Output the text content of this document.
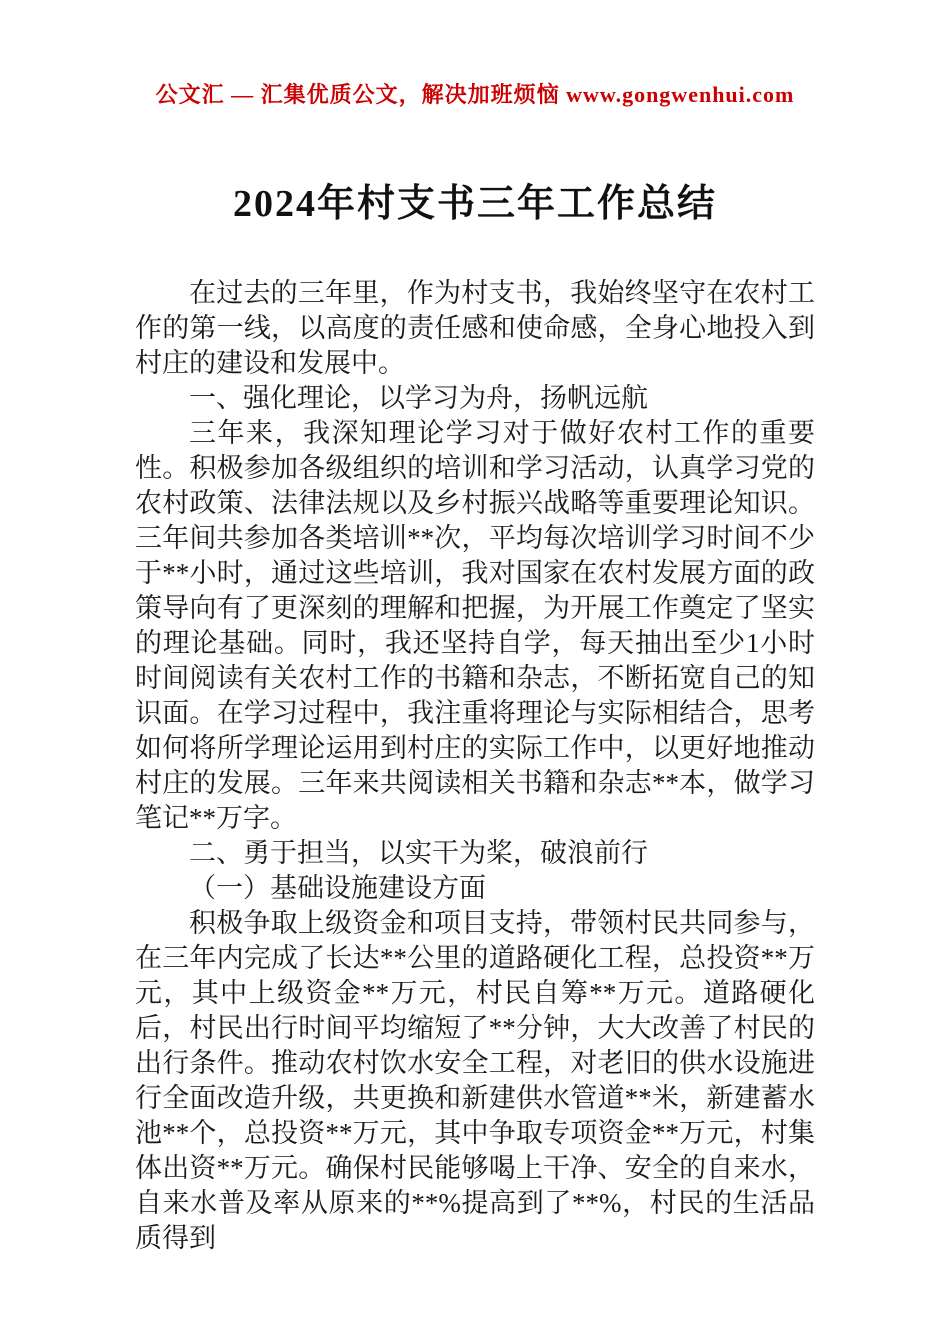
公文汇 — 汇集优质公文，解决加班烦恼 www.gongwenhui.com
2024年村支书三年工作总结

在过去的三年里，作为村支书，我始终坚守在农村工作的第一线，以高度的责任感和使命感，全身心地投入到村庄的建设和发展中。

一、强化理论，以学习为舟，扬帆远航

三年来，我深知理论学习对于做好农村工作的重要性。积极参加各级组织的培训和学习活动，认真学习党的农村政策、法律法规以及乡村振兴战略等重要理论知识。三年间共参加各类培训**次，平均每次培训学习时间不少于**小时，通过这些培训，我对国家在农村发展方面的政策导向有了更深刻的理解和把握，为开展工作奠定了坚实的理论基础。同时，我还坚持自学，每天抽出至少1小时时间阅读有关农村工作的书籍和杂志，不断拓宽自己的知识面。在学习过程中，我注重将理论与实际相结合，思考如何将所学理论运用到村庄的实际工作中，以更好地推动村庄的发展。三年来共阅读相关书籍和杂志**本，做学习笔记**万字。

二、勇于担当，以实干为桨，破浪前行

（一）基础设施建设方面

积极争取上级资金和项目支持，带领村民共同参与，在三年内完成了长达**公里的道路硬化工程，总投资**万元，其中上级资金**万元，村民自筹**万元。道路硬化后，村民出行时间平均缩短了**分钟，大大改善了村民的出行条件。推动农村饮水安全工程，对老旧的供水设施进行全面改造升级，共更换和新建供水管道**米，新建蓄水池**个，总投资**万元，其中争取专项资金**万元，村集体出资**万元。确保村民能够喝上干净、安全的自来水，自来水普及率从原来的**%提高到了**%，村民的生活品质得到
